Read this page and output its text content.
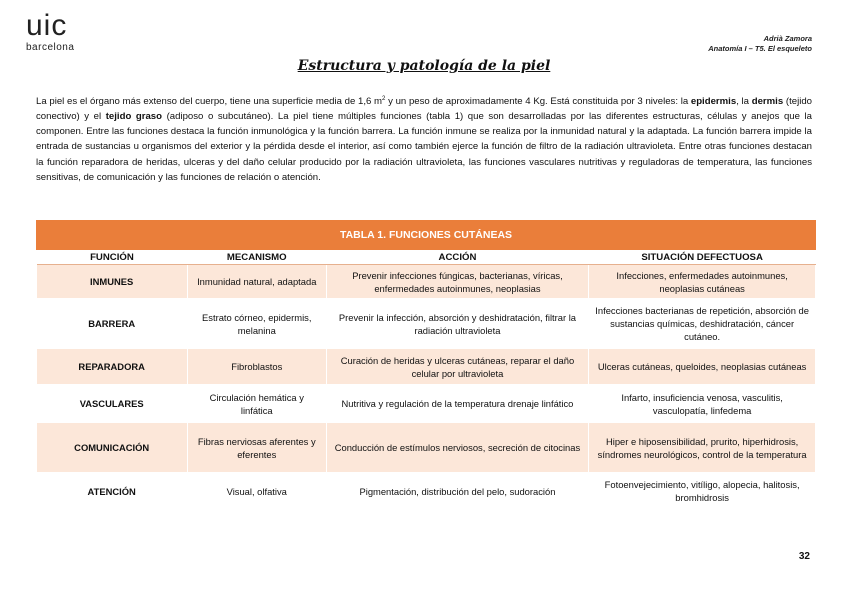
uic
barcelona
Adrià Zamora
Anatomía I – T5. El esqueleto
Estructura y patología de la piel
La piel es el órgano más extenso del cuerpo, tiene una superficie media de 1,6 $m^2$ y un peso de aproximadamente 4 Kg. Está constituida por 3 niveles: la epidermis, la dermis (tejido conectivo) y el tejido graso (adiposo o subcutáneo). La piel tiene múltiples funciones (tabla 1) que son desarrolladas por las diferentes estructuras, células y anejos que la componen. Entre las funciones destaca la función inmunológica y la función barrera. La función inmune se realiza por la inmunidad natural y la adaptada. La función barrera impide la entrada de sustancias u organismos del exterior y la pérdida desde el interior, así como también ejerce la función de filtro de la radiación ultravioleta. Entre otras funciones destacan la función reparadora de heridas, ulceras y del daño celular producido por la radiación ultravioleta, las funciones vasculares nutritivas y reguladoras de temperatura, las funciones sensitivas, de comunicación y las funciones de relación o atención.
TABLA 1. FUNCIONES CUTÁNEAS			
FUNCIÓN	MECANISMO	ACCIÓN	SITUACIÓN DEFECTUOSA
INMUNES	Inmunidad natural, adaptada	Prevenir infecciones fúngicas, bacterianas, víricas, enfermedades autoinmunes, neoplasias	Infecciones, enfermedades autoinmunes, neoplasias cutáneas
BARRERA	Estrato córneo, epidermis, melanina	Prevenir la infección, absorción y deshidratación, filtrar la radiación ultravioleta	Infecciones bacterianas de repetición, absorción de sustancias químicas, deshidratación, cáncer cutáneo.
REPARADORA	Fibroblastos	Curación de heridas y ulceras cutáneas, reparar el daño celular por ultravioleta	Ulceras cutáneas, queloides, neoplasias cutáneas
VASCULARES	Circulación hemática y linfática	Nutritiva y regulación de la temperatura drenaje linfático	Infarto, insuficiencia venosa, vasculitis, vasculopatía, linfedema
COMUNICACIÓN	Fibras nerviosas aferentes y eferentes	Conducción de estímulos nerviosos, secreción de citocinas	Hiper e hiposensibilidad, prurito, hiperhidrosis, síndromes neurológicos, control de la temperatura
ATENCIÓN	Visual, olfativa	Pigmentación, distribución del pelo, sudoración	Fotoenvejecimiento, vitíligo, alopecia, halitosis, bromhidrosis
32
